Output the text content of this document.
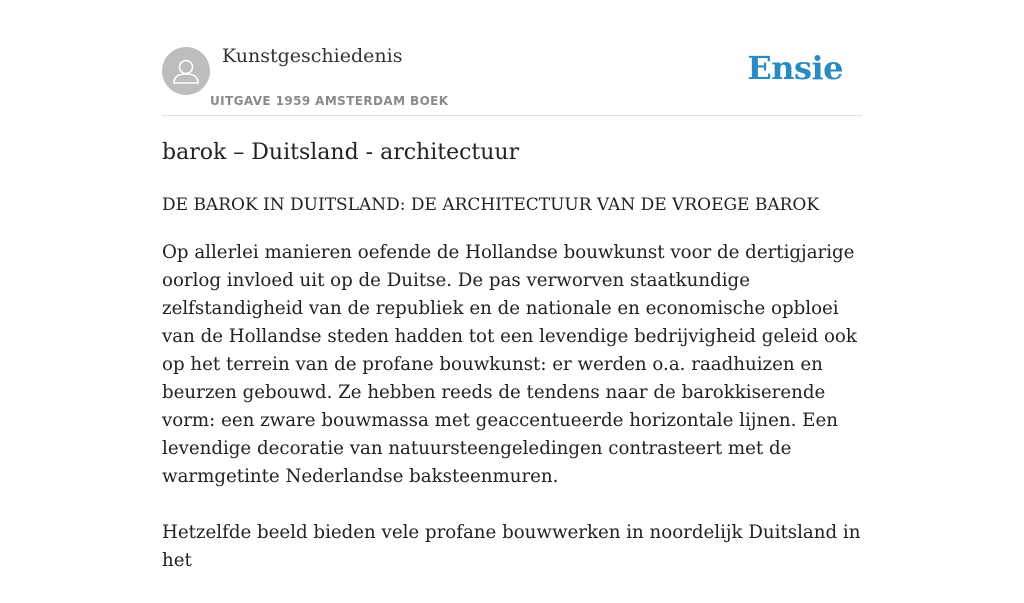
Kunstgeschiedenis
UITGAVE 1959 AMSTERDAM BOEK
Ensie
barok – Duitsland - architectuur
DE BAROK IN DUITSLAND: DE ARCHITECTUUR VAN DE VROEGE BAROK

Op allerlei manieren oefende de Hollandse bouwkunst voor de dertigjarige oorlog invloed uit op de Duitse. De pas verworven staatkundige zelfstandigheid van de republiek en de nationale en economische opbloei van de Hollandse steden hadden tot een levendige bedrijvigheid geleid ook op het terrein van de profane bouwkunst: er werden o.a. raadhuizen en beurzen gebouwd. Ze hebben reeds de tendens naar de barokkiserende vorm: een zware bouwmassa met geaccentueerde horizontale lijnen. Een levendige decoratie van natuursteengeledingen contrasteert met de warmgetinte Nederlandse baksteenmuren.

Hetzelfde beeld bieden vele profane bouwwerken in noordelijk Duitsland in het
